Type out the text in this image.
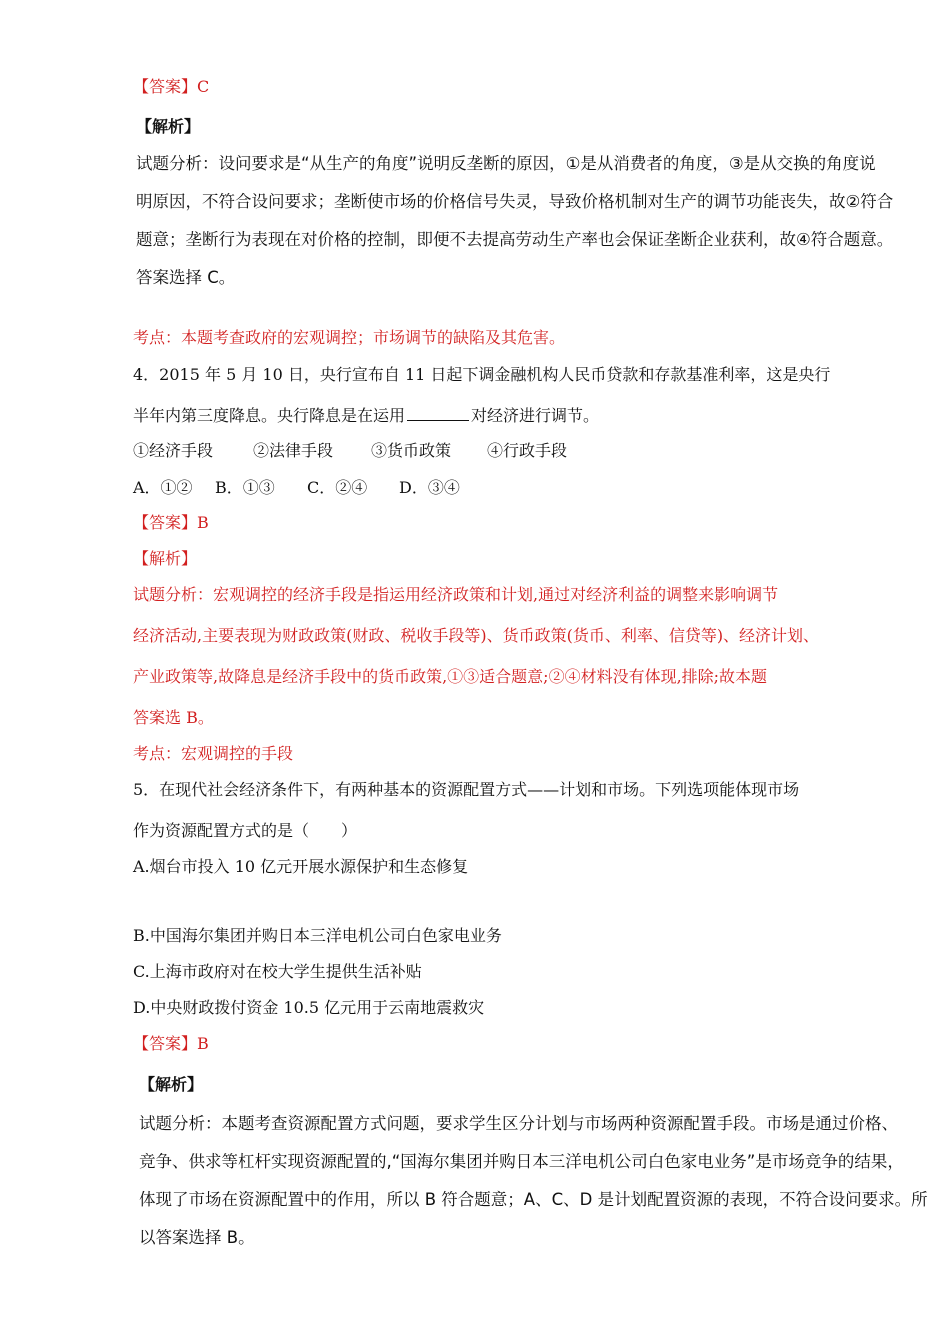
【答案】C
【解析】
试题分析：设问要求是“从生产的角度”说明反垄断的原因，①是从消费者的角度，③是从交换的角度说
明原因，不符合设问要求；垄断使市场的价格信号失灵，导致价格机制对生产的调节功能丧失，故②符合
题意；垄断行为表现在对价格的控制，即便不去提高劳动生产率也会保证垄断企业获利，故④符合题意。
答案选择 C。
考点：本题考查政府的宏观调控；市场调节的缺陷及其危害。
4．2015 年 5 月 10 日，央行宣布自 11 日起下调金融机构人民币贷款和存款基准利率，这是央行
半年内第三度降息。央行降息是在运用	对经济进行调节。
①经济手段 ②法律手段 ③货币政策 ④行政手段
A．①② B．①③ C．②④ D．③④
【答案】B
【解析】
试题分析：宏观调控的经济手段是指运用经济政策和计划,通过对经济利益的调整来影响调节
经济活动,主要表现为财政政策(财政、税收手段等)、货币政策(货币、利率、信贷等)、经济计划、
产业政策等,故降息是经济手段中的货币政策,①③适合题意;②④材料没有体现,排除;故本题
答案选 B。
考点：宏观调控的手段
5．在现代社会经济条件下，有两种基本的资源配置方式——计划和市场。下列选项能体现市场
作为资源配置方式的是（　　）
A.烟台市投入 10 亿元开展水源保护和生态修复
B.中国海尔集团并购日本三洋电机公司白色家电业务
C.上海市政府对在校大学生提供生活补贴
D.中央财政拨付资金 10.5 亿元用于云南地震救灾
【答案】B
【解析】
试题分析：本题考查资源配置方式问题，要求学生区分计划与市场两种资源配置手段。市场是通过价格、
竞争、供求等杠杆实现资源配置的,“国海尔集团并购日本三洋电机公司白色家电业务”是市场竞争的结果，
体现了市场在资源配置中的作用，所以 B 符合题意；A、C、D 是计划配置资源的表现，不符合设问要求。所
以答案选择 B。
